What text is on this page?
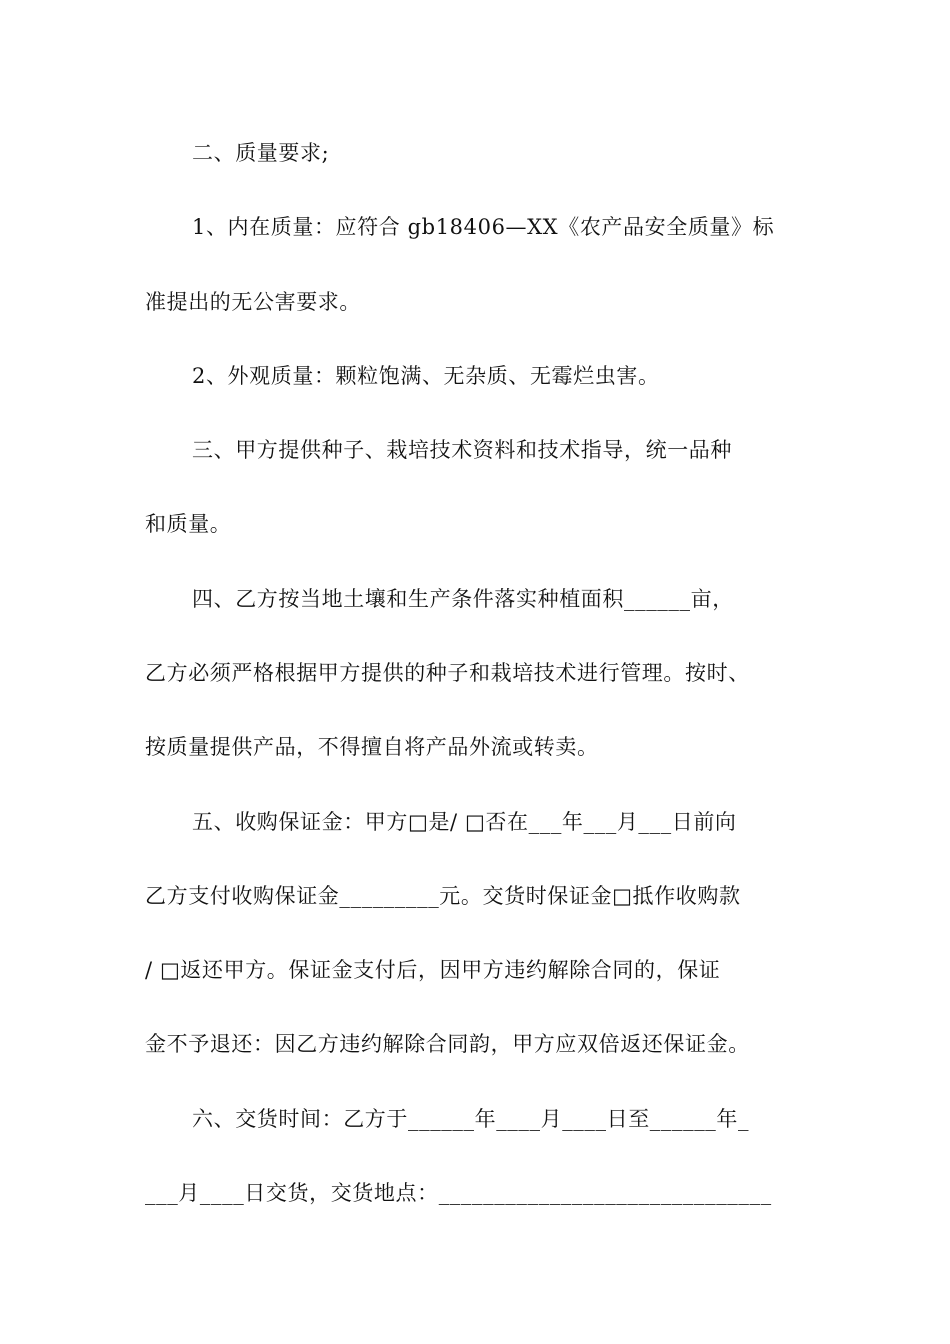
二、质量要求;
1、内在质量：应符合 gb18406—XX《农产品安全质量》标
准提出的无公害要求。
2、外观质量：颗粒饱满、无杂质、无霉烂虫害。
三、甲方提供种子、栽培技术资料和技术指导，统一品种
和质量。
四、乙方按当地土壤和生产条件落实种植面积______亩，
乙方必须严格根据甲方提供的种子和栽培技术进行管理。按时、
按质量提供产品，不得擅自将产品外流或转卖。
五、收购保证金：甲方□是/ □否在___年___月___日前向
乙方支付收购保证金_________元。交货时保证金□抵作收购款
/ □返还甲方。保证金支付后，因甲方违约解除合同的，保证
金不予退还：因乙方违约解除合同韵，甲方应双倍返还保证金。
六、交货时间：乙方于______年____月____日至______年_
___月____日交货，交货地点：______________________________
